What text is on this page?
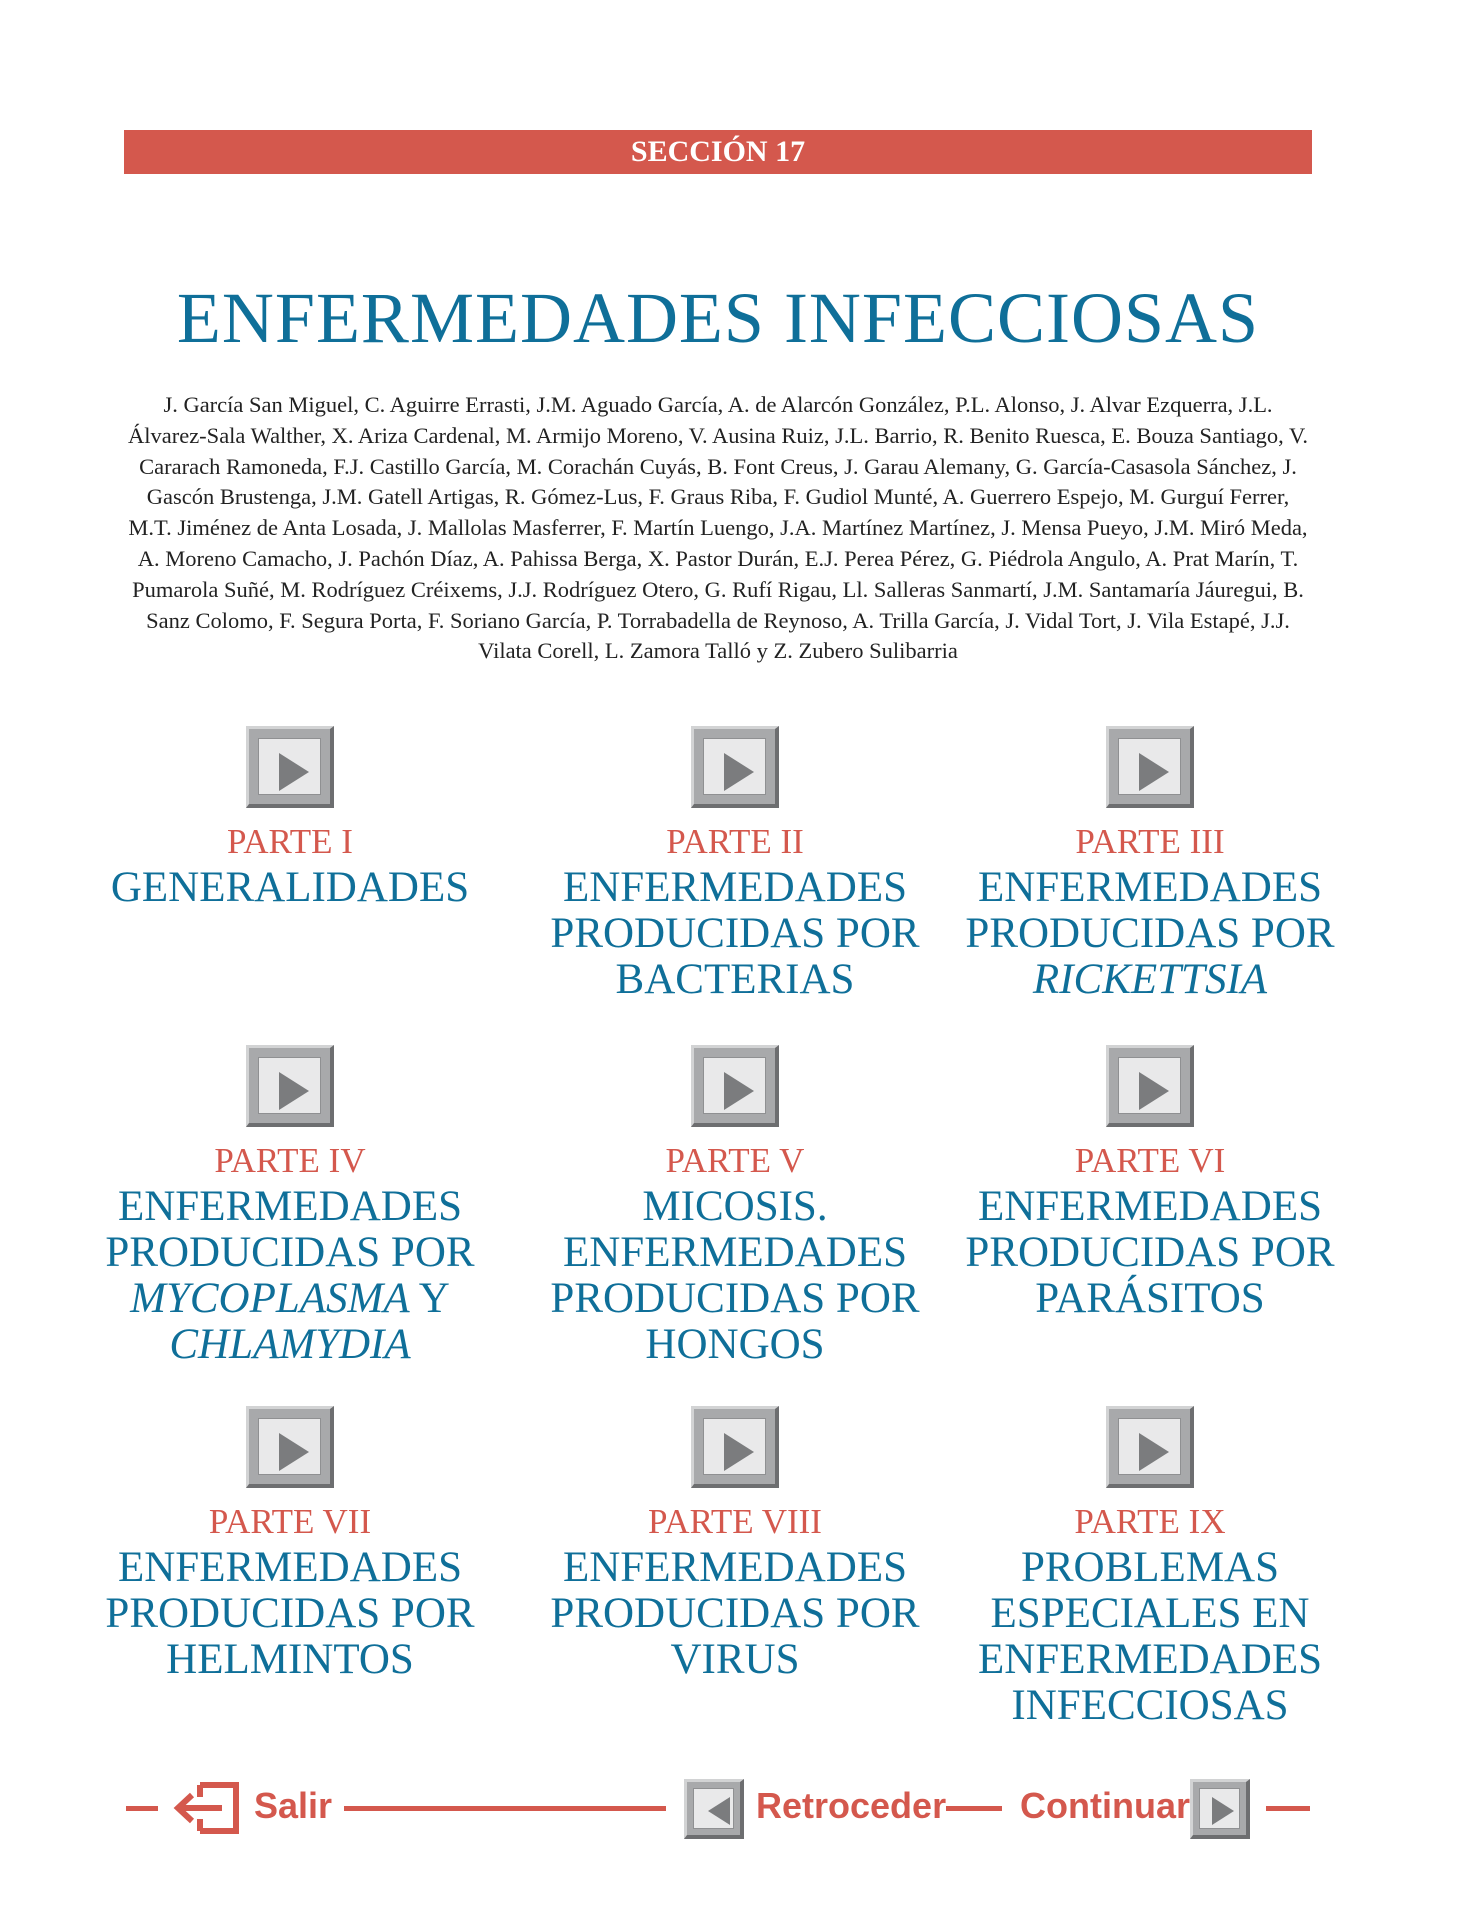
SECCIÓN 17
ENFERMEDADES INFECCIOSAS

J. García San Miguel, C. Aguirre Errasti, J.M. Aguado García, A. de Alarcón González, P.L. Alonso, J. Alvar Ezquerra, J.L. Álvarez-Sala Walther, X. Ariza Cardenal, M. Armijo Moreno, V. Ausina Ruiz, J.L. Barrio, R. Benito Ruesca, E. Bouza Santiago, V. Cararach Ramoneda, F.J. Castillo García, M. Corachán Cuyás, B. Font Creus, J. Garau Alemany, G. García-Casasola Sánchez, J. Gascón Brustenga, J.M. Gatell Artigas, R. Gómez-Lus, F. Graus Riba, F. Gudiol Munté, A. Guerrero Espejo, M. Gurguí Ferrer, M.T. Jiménez de Anta Losada, J. Mallolas Masferrer, F. Martín Luengo, J.A. Martínez Martínez, J. Mensa Pueyo, J.M. Miró Meda, A. Moreno Camacho, J. Pachón Díaz, A. Pahissa Berga, X. Pastor Durán, E.J. Perea Pérez, G. Piédrola Angulo, A. Prat Marín, T. Pumarola Suñé, M. Rodríguez Créixems, J.J. Rodríguez Otero, G. Rufí Rigau, Ll. Salleras Sanmartí, J.M. Santamaría Jáuregui, B. Sanz Colomo, F. Segura Porta, F. Soriano García, P. Torrabadella de Reynoso, A. Trilla García, J. Vidal Tort, J. Vila Estapé, J.J. Vilata Corell, L. Zamora Talló y Z. Zubero Sulibarria

PARTE I
GENERALIDADES
PARTE II
ENFERMEDADES
PRODUCIDAS POR
BACTERIAS
PARTE III
ENFERMEDADES
PRODUCIDAS POR
RICKETTSIA
PARTE IV
ENFERMEDADES
PRODUCIDAS POR
MYCOPLASMA Y
CHLAMYDIA
PARTE V
MICOSIS.
ENFERMEDADES
PRODUCIDAS POR
HONGOS
PARTE VI
ENFERMEDADES
PRODUCIDAS POR
PARÁSITOS
PARTE VII
ENFERMEDADES
PRODUCIDAS POR
HELMINTOS
PARTE VIII
ENFERMEDADES
PRODUCIDAS POR
VIRUS
PARTE IX
PROBLEMAS
ESPECIALES EN
ENFERMEDADES
INFECCIOSAS
Salir	Retroceder Continuar
